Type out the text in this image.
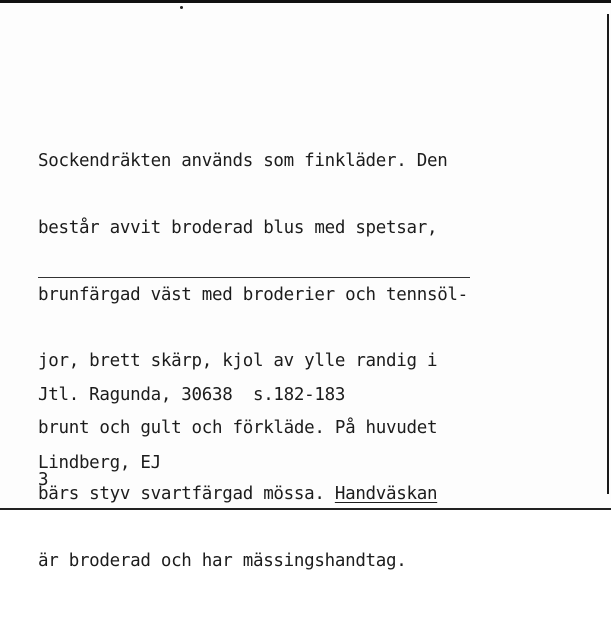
Sockendräkten används som finkläder. Den

består avvit broderad blus med spetsar,

brunfärgad väst med broderier och tennsöl-

jor, brett skärp, kjol av ylle randig i

brunt och gult och förkläde. På huvudet

bärs styv svartfärgad mössa. Handväskan

är broderad och har mässingshandtag.

Jtl. Ragunda, 30638  s.182-183

Lindberg, EJ

3
